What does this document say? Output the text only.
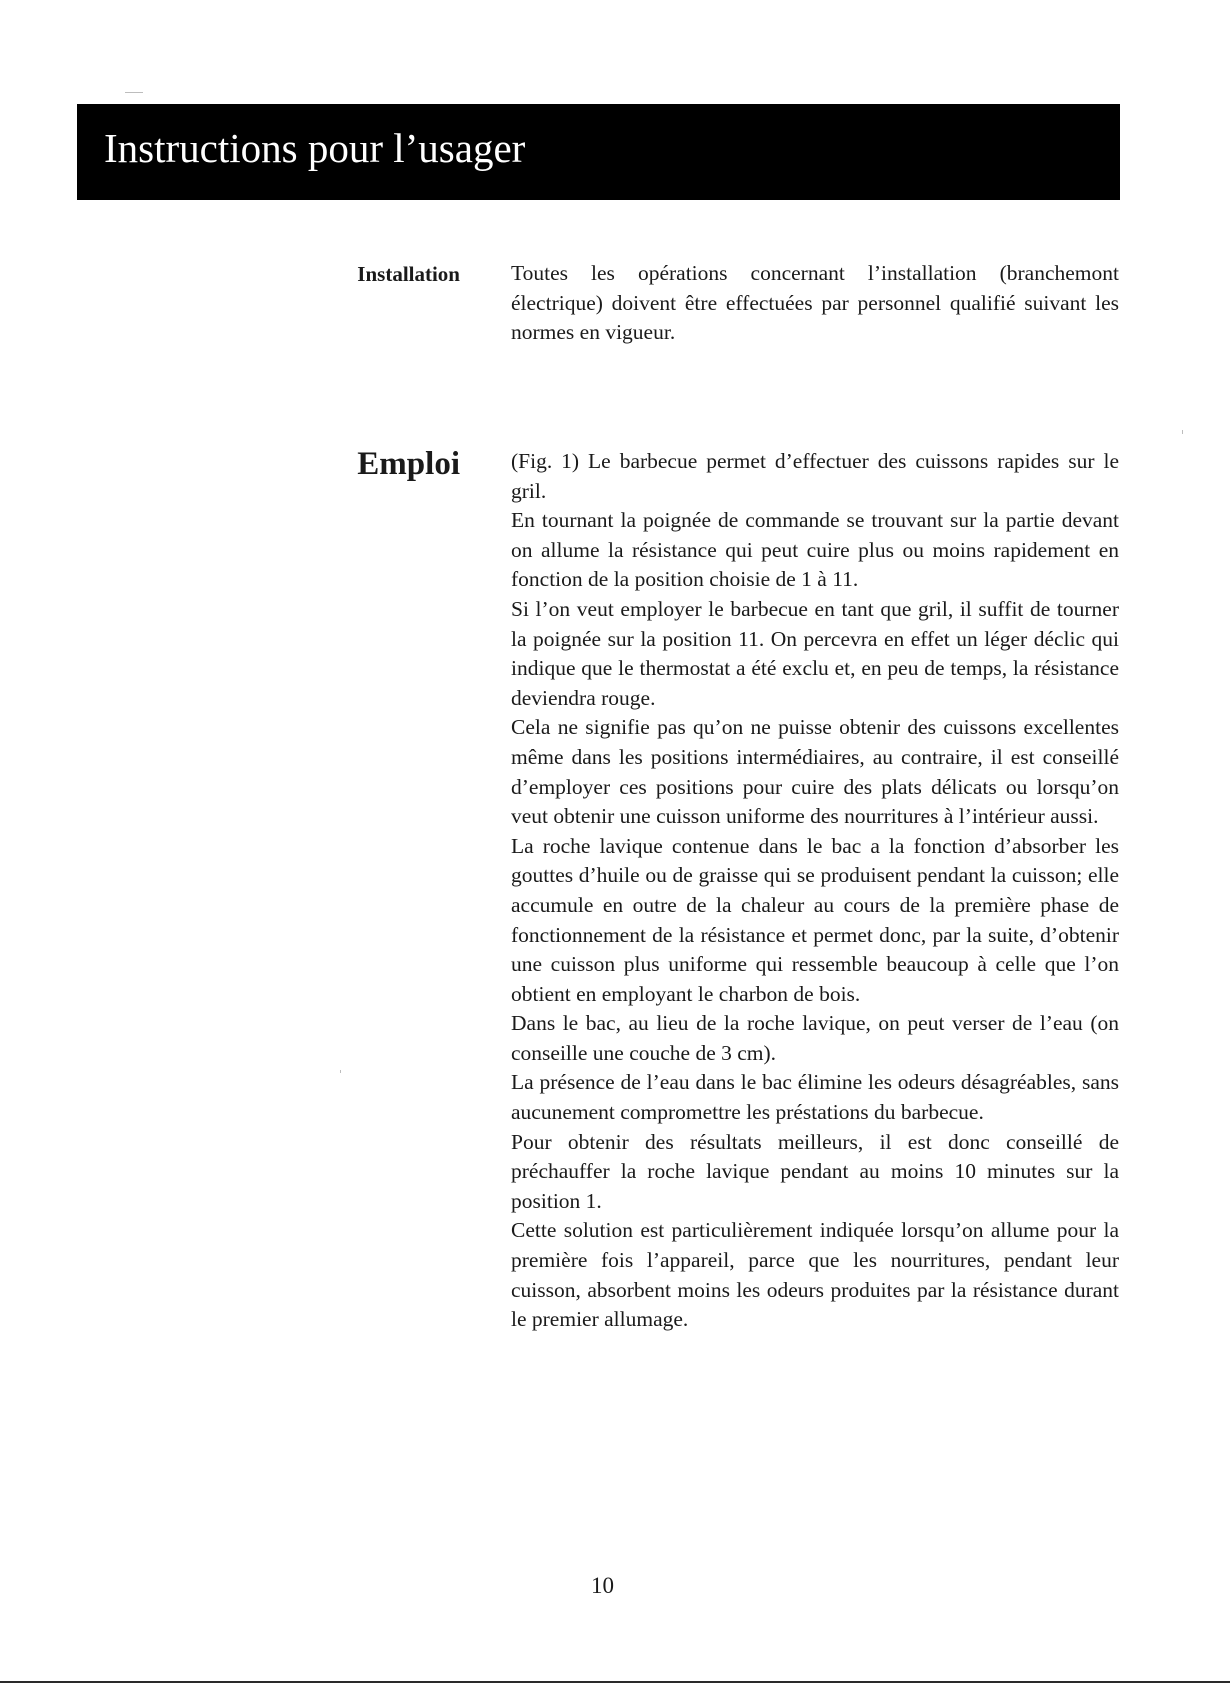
Instructions pour l’usager
Installation Toutes les opérations concernant l’installation (branchemont électrique) doivent être effectuées par personnel qualifié suivant les normes en vigueur.

Emploi (Fig. 1) Le barbecue permet d’effectuer des cuissons rapides sur le gril.

En tournant la poignée de commande se trouvant sur la partie devant on allume la résistance qui peut cuire plus ou moins rapidement en fonction de la position choisie de 1 à 11.

Si l’on veut employer le barbecue en tant que gril, il suffit de tourner la poignée sur la position 11. On percevra en effet un léger déclic qui indique que le thermostat a été exclu et, en peu de temps, la résistance deviendra rouge.

Cela ne signifie pas qu’on ne puisse obtenir des cuissons excellentes même dans les positions intermédiaires, au contraire, il est conseillé d’employer ces positions pour cuire des plats délicats ou lorsqu’on veut obtenir une cuisson uniforme des nourritures à l’intérieur aussi.

La roche lavique contenue dans le bac a la fonction d’absorber les gouttes d’huile ou de graisse qui se produisent pendant la cuisson; elle accumule en outre de la chaleur au cours de la première phase de fonctionnement de la résistance et permet donc, par la suite, d’obtenir une cuisson plus uniforme qui ressemble beaucoup à celle que l’on obtient en employant le charbon de bois.

Dans le bac, au lieu de la roche lavique, on peut verser de l’eau (on conseille une couche de 3 cm).

La présence de l’eau dans le bac élimine les odeurs désagréables, sans aucunement compromettre les préstations du barbecue.

Pour obtenir des résultats meilleurs, il est donc conseillé de préchauffer la roche lavique pendant au moins 10 minutes sur la position 1.

Cette solution est particulièrement indiquée lorsqu’on allume pour la première fois l’appareil, parce que les nourritures, pendant leur cuisson, absorbent moins les odeurs produites par la résistance durant le premier allumage.

10
